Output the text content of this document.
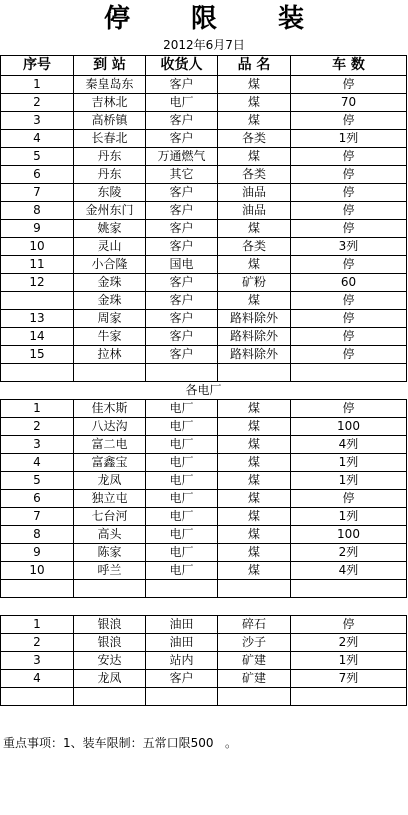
停 限 装
2012年6月7日
序号	到 站	收货人	品 名	车 数
1	秦皇岛东	客户	煤	停
2	吉林北	电厂	煤	70
3	高桥镇	客户	煤	停
4	长春北	客户	各类	1列
5	丹东	万通燃气	煤	停
6	丹东	其它	各类	停
7	东陵	客户	油品	停
8	金州东门	客户	油品	停
9	姚家	客户	煤	停
10	灵山	客户	各类	3列
11	小合隆	国电	煤	停
12	金珠	客户	矿粉	60
	金珠	客户	煤	停
13	周家	客户	路料除外	停
14	牛家	客户	路料除外	停
15	拉林	客户	路料除外	停

各电厂				
1	佳木斯	电厂	煤	停
2	八达沟	电厂	煤	100
3	富二电	电厂	煤	4列
4	富鑫宝	电厂	煤	1列
5	龙凤	电厂	煤	1列
6	独立屯	电厂	煤	停
7	七台河	电厂	煤	1列
8	高头	电厂	煤	100
9	陈家	电厂	煤	2列
10	呼兰	电厂	煤	4列

1	银浪	油田	碎石	停
2	银浪	油田	沙子	2列
3	安达	站内	矿建	1列
4	龙凤	客户	矿建	7列

重点事项：1、装车限制：五常口限500   。
